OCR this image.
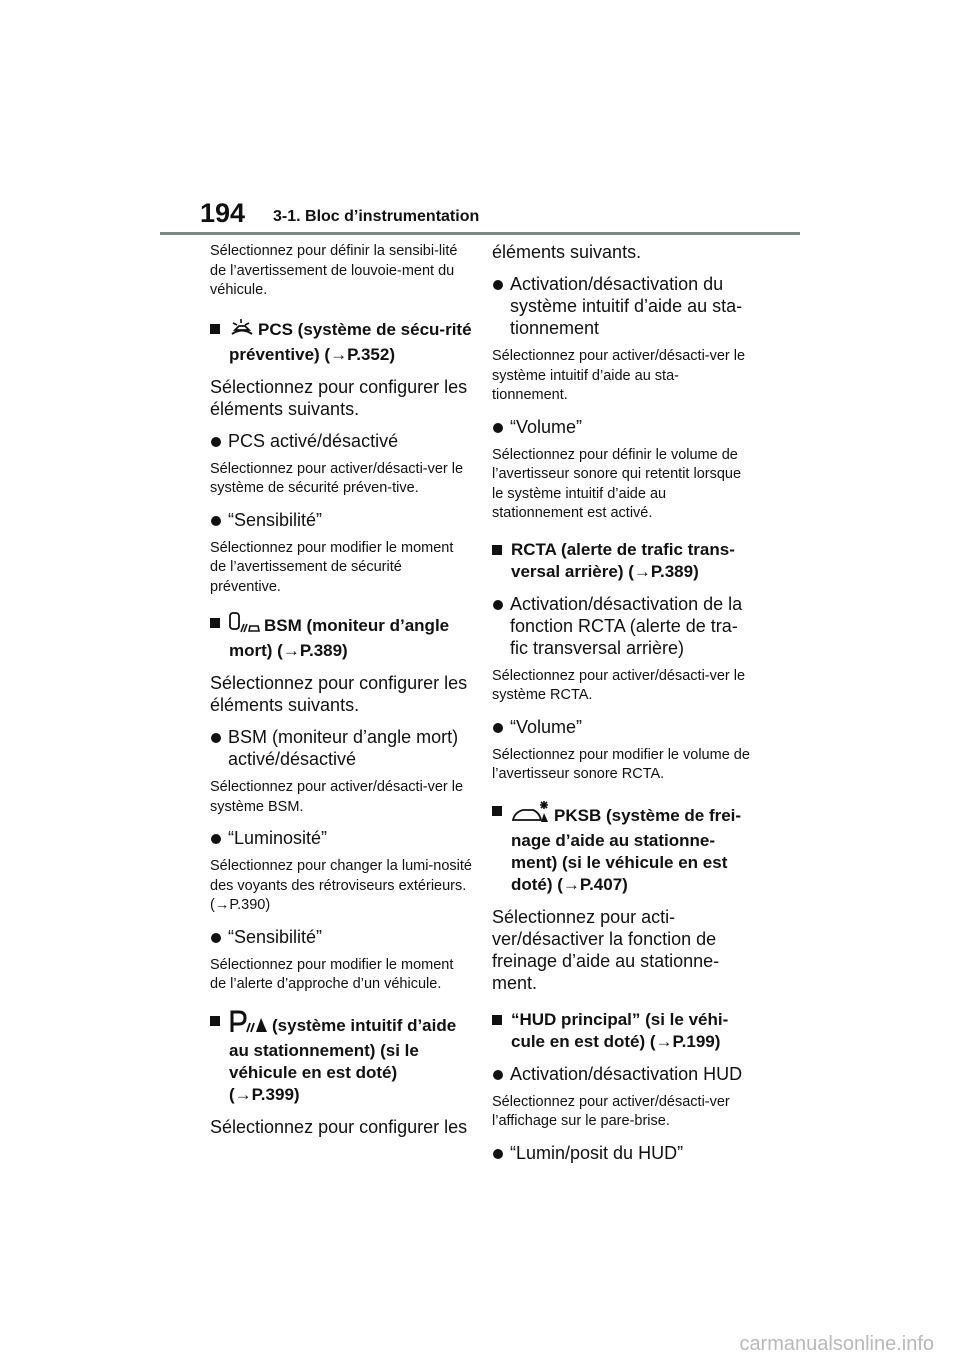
194 3-1. Bloc d’instrumentation

Sélectionnez pour définir la sensibi-lité de l’avertissement de louvoie-ment du véhicule.

PCS (système de sécu-rité préventive) (→P.352)

Sélectionnez pour configurer les éléments suivants.

PCS activé/désactivé

Sélectionnez pour activer/désacti-ver le système de sécurité préven-tive.

“Sensibilité”

Sélectionnez pour modifier le moment de l’avertissement de sécurité préventive.

BSM (moniteur d’angle mort) (→P.389)

Sélectionnez pour configurer les éléments suivants.

BSM (moniteur d’angle mort) activé/désactivé

Sélectionnez pour activer/désacti-ver le système BSM.

“Luminosité”

Sélectionnez pour changer la lumi-nosité des voyants des rétroviseurs extérieurs. (→P.390)

“Sensibilité”

Sélectionnez pour modifier le moment de l’alerte d’approche d’un véhicule.

(système intuitif d’aide au stationnement) (si le véhicule en est doté) (→P.399)

Sélectionnez pour configurer les

éléments suivants.

Activation/désactivation du système intuitif d’aide au sta-tionnement

Sélectionnez pour activer/désacti-ver le système intuitif d’aide au sta-tionnement.

“Volume”

Sélectionnez pour définir le volume de l’avertisseur sonore qui retentit lorsque le système intuitif d’aide au stationnement est activé.

RCTA (alerte de trafic trans-versal arrière) (→P.389)
Activation/désactivation de la fonction RCTA (alerte de tra-fic transversal arrière)

Sélectionnez pour activer/désacti-ver le système RCTA.

“Volume”

Sélectionnez pour modifier le volume de l’avertisseur sonore RCTA.

PKSB (système de frei-nage d’aide au stationne-ment) (si le véhicule en est doté) (→P.407)

Sélectionnez pour acti-ver/désactiver la fonction de freinage d’aide au stationne-ment.

“HUD principal” (si le véhi-cule en est doté) (→P.199)
Activation/désactivation HUD

Sélectionnez pour activer/désacti-ver l’affichage sur le pare-brise.

“Lumin/posit du HUD”
carmanualsonline.info
